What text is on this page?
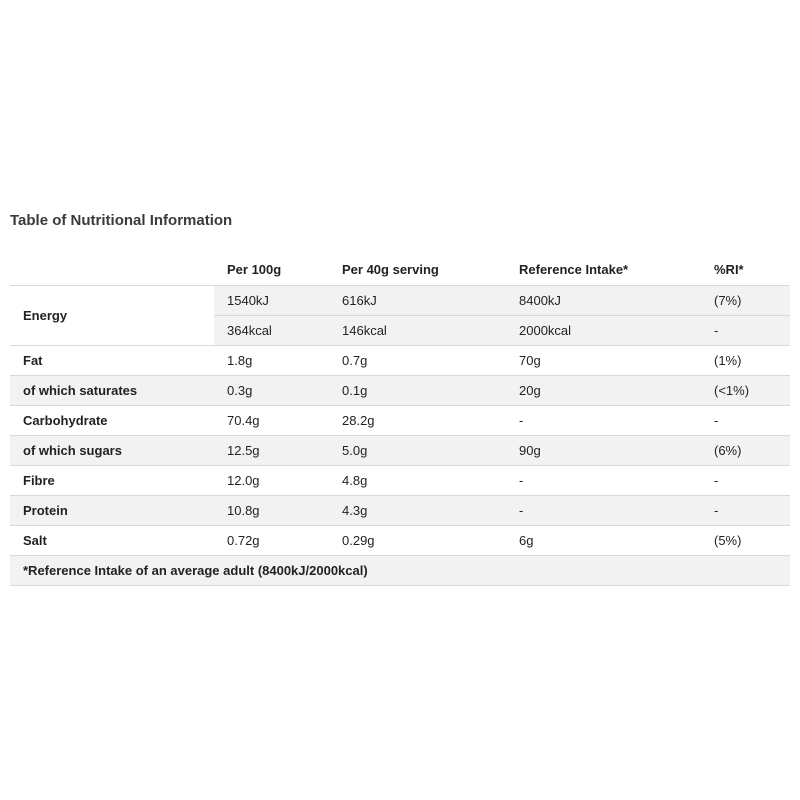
Table of Nutritional Information
	Per 100g	Per 40g serving	Reference Intake*	%RI*
Energy	1540kJ	616kJ	8400kJ	(7%)
	364kcal	146kcal	2000kcal	-
Fat	1.8g	0.7g	70g	(1%)
of which saturates	0.3g	0.1g	20g	(<1%)
Carbohydrate	70.4g	28.2g	-	-
of which sugars	12.5g	5.0g	90g	(6%)
Fibre	12.0g	4.8g	-	-
Protein	10.8g	4.3g	-	-
Salt	0.72g	0.29g	6g	(5%)
*Reference Intake of an average adult (8400kJ/2000kcal)				
